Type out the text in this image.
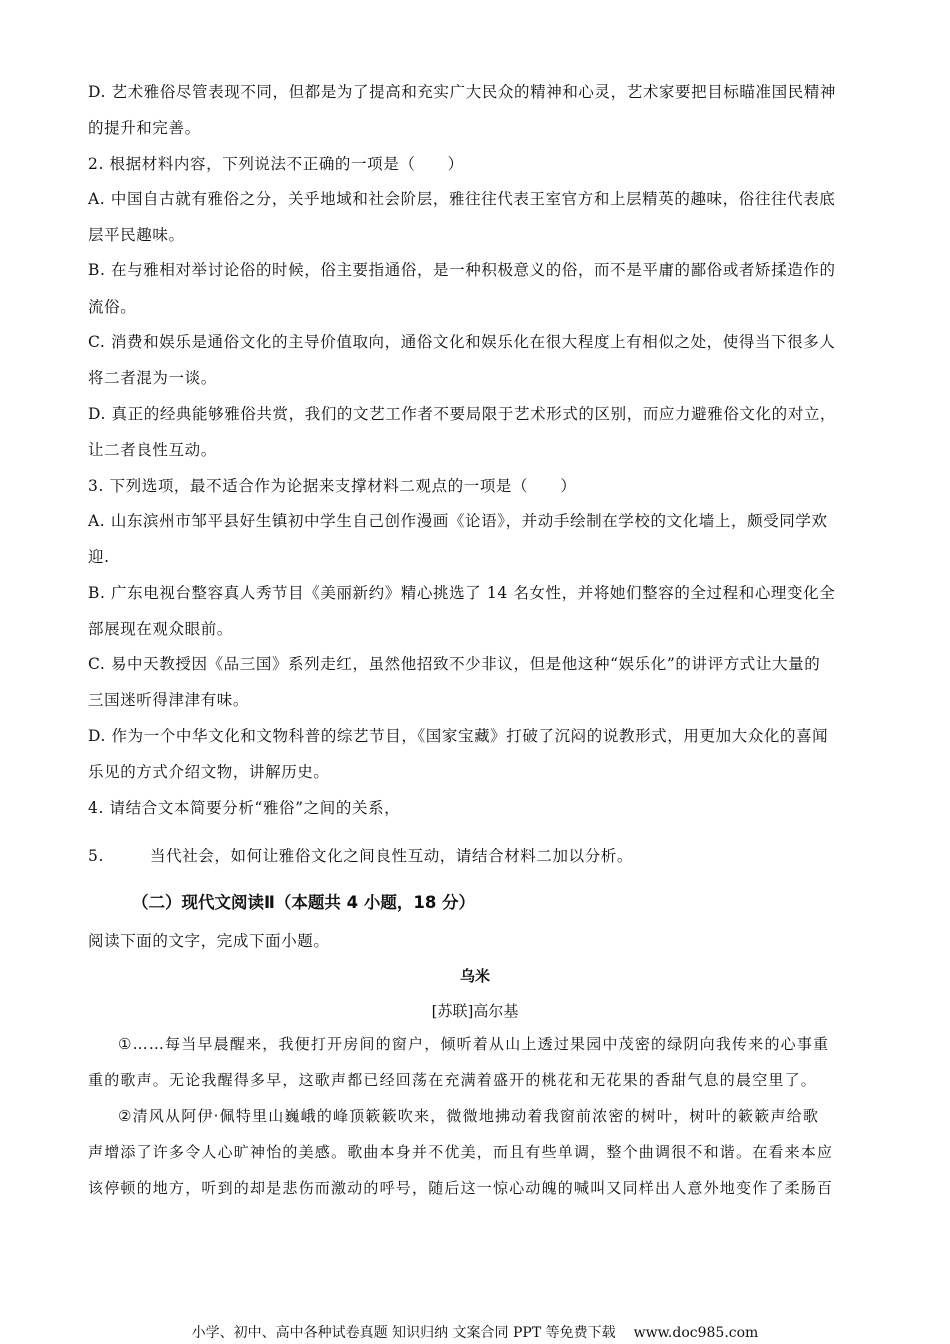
D. 艺术雅俗尽管表现不同，但都是为了提高和充实广大民众的精神和心灵，艺术家要把目标瞄准国民精神
的提升和完善。
2. 根据材料内容，下列说法不正确的一项是（　　）
A. 中国自古就有雅俗之分，关乎地域和社会阶层，雅往往代表王室官方和上层精英的趣味，俗往往代表底
层平民趣味。
B. 在与雅相对举讨论俗的时候，俗主要指通俗，是一种积极意义的俗，而不是平庸的鄙俗或者矫揉造作的
流俗。
C. 消费和娱乐是通俗文化的主导价值取向，通俗文化和娱乐化在很大程度上有相似之处，使得当下很多人
将二者混为一谈。
D. 真正的经典能够雅俗共赏，我们的文艺工作者不要局限于艺术形式的区别，而应力避雅俗文化的对立，
让二者良性互动。
3. 下列选项，最不适合作为论据来支撑材料二观点的一项是（　　）
A. 山东滨州市邹平县好生镇初中学生自己创作漫画《论语》，并动手绘制在学校的文化墙上，颇受同学欢
迎.
B. 广东电视台整容真人秀节目《美丽新约》精心挑选了 14 名女性，并将她们整容的全过程和心理变化全
部展现在观众眼前。
C. 易中天教授因《品三国》系列走红，虽然他招致不少非议，但是他这种“娱乐化”的讲评方式让大量的
三国迷听得津津有味。
D. 作为一个中华文化和文物科普的综艺节目，《国家宝藏》打破了沉闷的说教形式，用更加大众化的喜闻
乐见的方式介绍文物，讲解历史。
4. 请结合文本简要分析“雅俗”之间的关系，
5.	当代社会，如何让雅俗文化之间良性互动，请结合材料二加以分析。
（二）现代文阅读Ⅱ（本题共 4 小题，18 分）
阅读下面的文字，完成下面小题。
乌米
[苏联]高尔基
①……每当早晨醒来，我便打开房间的窗户，倾听着从山上透过果园中茂密的绿阴向我传来的心事重
重的歌声。无论我醒得多早，这歌声都已经回荡在充满着盛开的桃花和无花果的香甜气息的晨空里了。
②清风从阿伊·佩特里山巍峨的峰顶簌簌吹来，微微地拂动着我窗前浓密的树叶，树叶的簌簌声给歌
声增添了许多令人心旷神怡的美感。歌曲本身并不优美，而且有些单调，整个曲调很不和谐。在看来本应
该停顿的地方，听到的却是悲伤而激动的呼号，随后这一惊心动魄的喊叫又同样出人意外地变作了柔肠百
小学、初中、高中各种试卷真题 知识归纳 文案合同 PPT 等免费下载 www.doc985.com
